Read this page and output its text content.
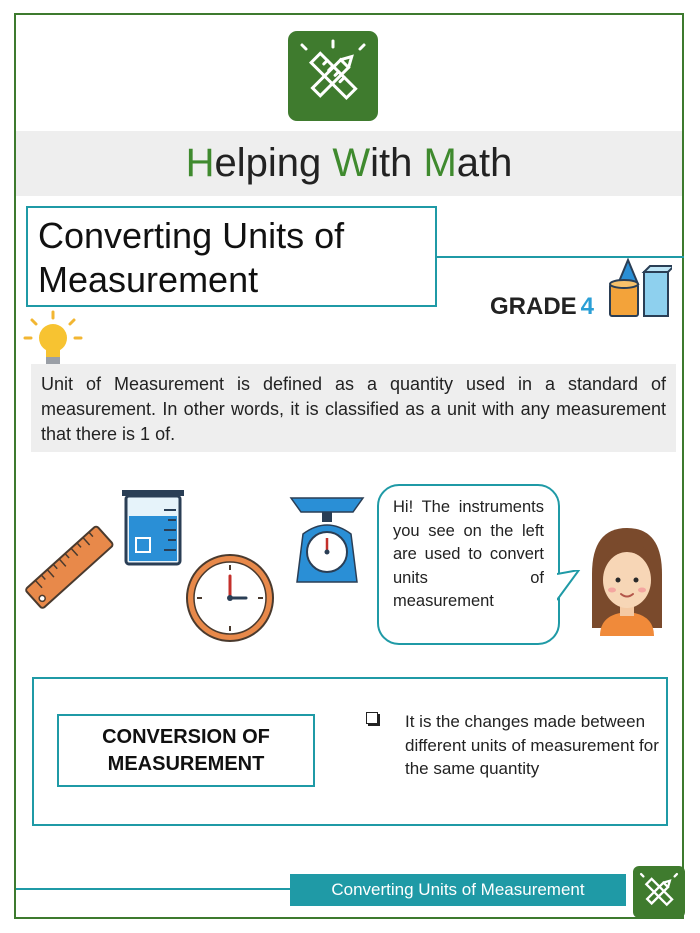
Helping With Math
Converting Units of
Measurement
GRADE 4
Unit of Measurement is defined as a quantity used in a standard of measurement. In other words, it is classified as a unit with any measurement that there is 1 of.
Hi! The instruments you see on the left are used to convert units of measurement
CONVERSION OF
MEASUREMENT
It is the changes made between different units of measurement for the same quantity
Converting Units of Measurement
